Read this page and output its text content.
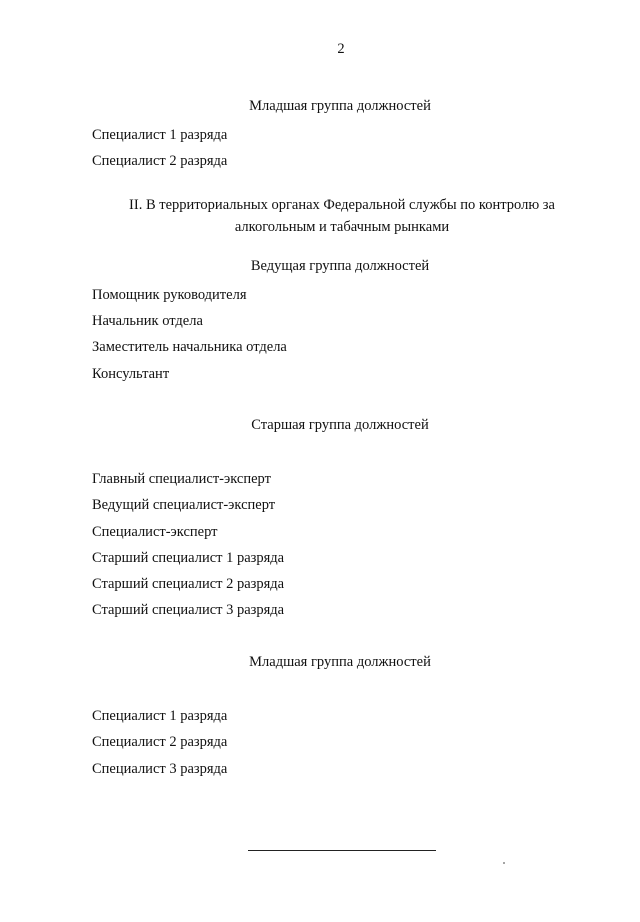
2
Младшая группа должностей
Специалист 1 разряда
Специалист 2 разряда
II. В территориальных органах Федеральной службы по контролю за
алкогольным и табачным рынками
Ведущая группа должностей
Помощник руководителя
Начальник отдела
Заместитель начальника отдела
Консультант
Старшая группа должностей
Главный специалист-эксперт
Ведущий специалист-эксперт
Специалист-эксперт
Старший специалист 1 разряда
Старший специалист 2 разряда
Старший специалист 3 разряда
Младшая группа должностей
Специалист 1 разряда
Специалист 2 разряда
Специалист 3 разряда
